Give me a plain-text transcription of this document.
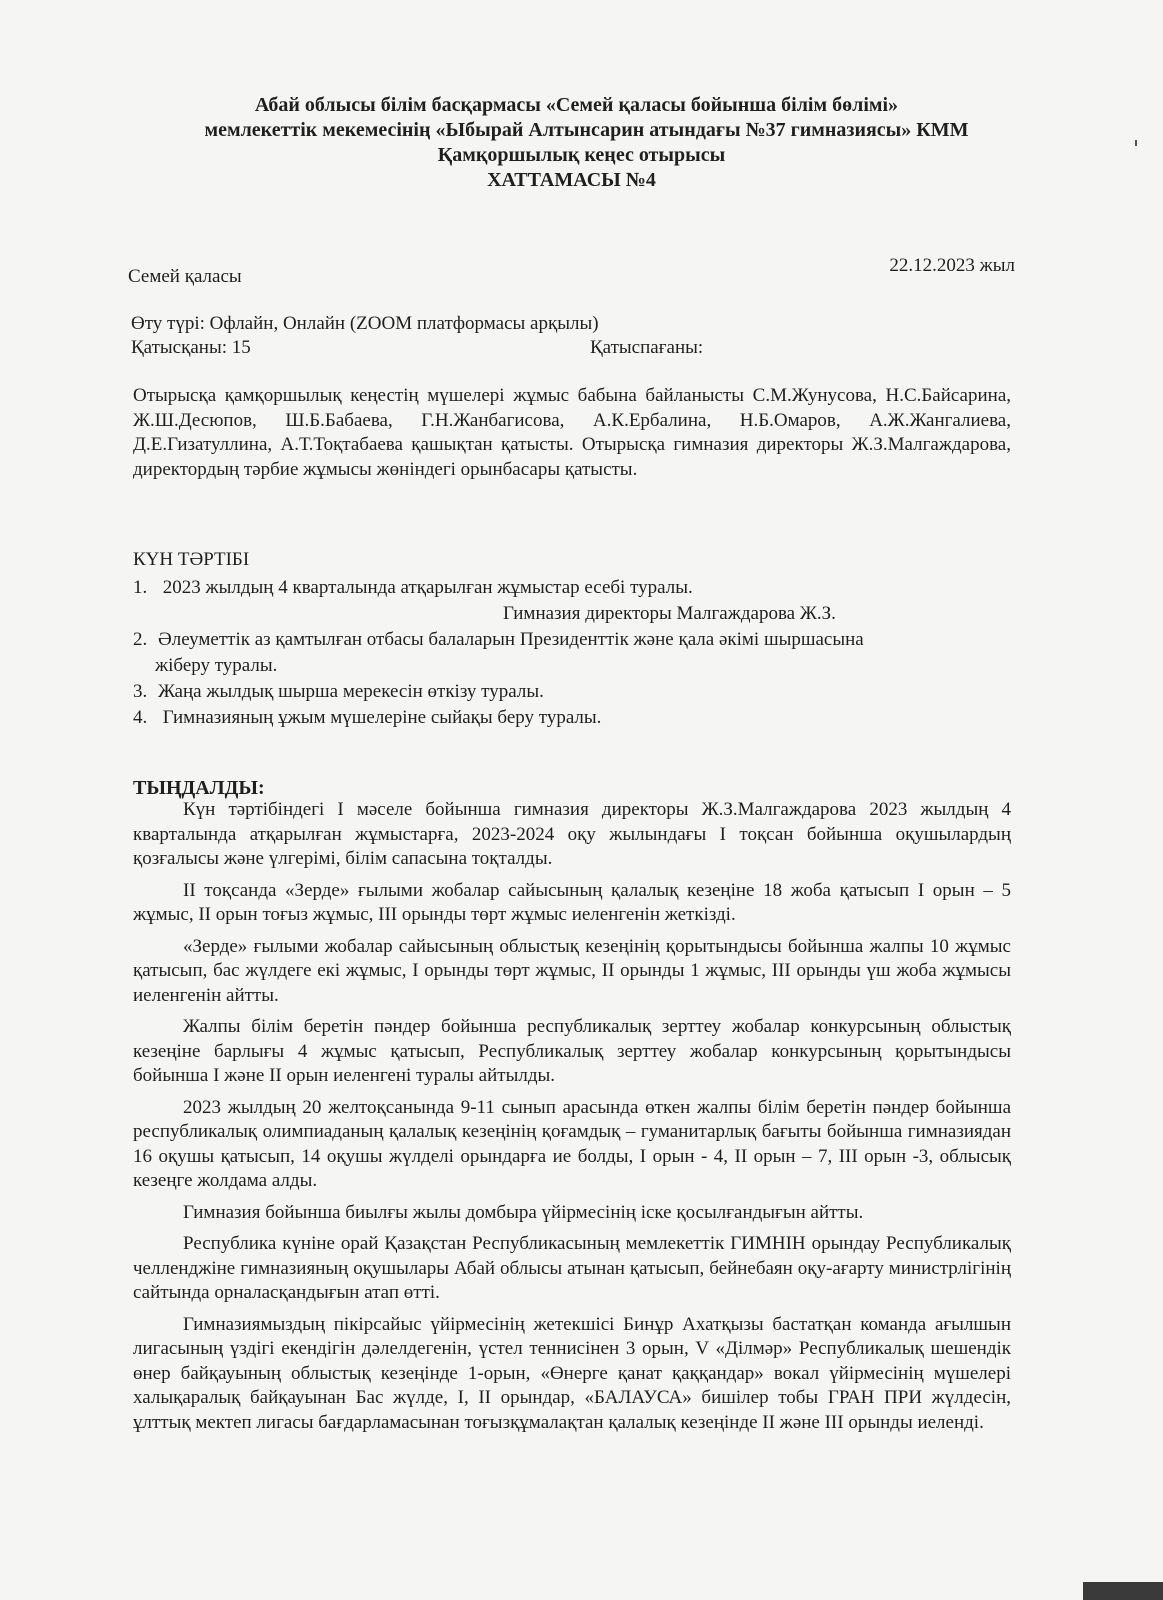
Абай облысы білім басқармасы «Семей қаласы бойынша білім бөлімі»
мемлекеттік мекемесінің «Ыбырай Алтынсарин атындағы №37 гимназиясы» КММ
Қамқоршылық кеңес отырысы
ХАТТАМАСЫ №4
Семей қаласы
22.12.2023 жыл
Өту түрі: Офлайн, Онлайн (ZOOM платформасы арқылы)
Қатысқаны: 15	Қатыспағаны:
Отырысқа қамқоршылық кеңестің мүшелері жұмыс бабына байланысты С.М.Жунусова, Н.С.Байсарина, Ж.Ш.Десюпов, Ш.Б.Бабаева, Г.Н.Жанбагисова, А.К.Ербалина, Н.Б.Омаров, А.Ж.Жангалиева, Д.Е.Гизатуллина, А.Т.Тоқтабаева қашықтан қатысты. Отырысқа гимназия директоры Ж.З.Малгаждарова, директордың тәрбие жұмысы жөніндегі орынбасары қатысты.
КҮН ТӘРТІБІ
1. 2023 жылдың 4 кварталында атқарылған жұмыстар есебі туралы.
Гимназия директоры Малгаждарова Ж.З.
2. Әлеуметтік аз қамтылған отбасы балаларын Президенттік және қала әкімі шыршасына
жіберу туралы.
3. Жаңа жылдық шырша мерекесін өткізу туралы.
4. Гимназияның ұжым мүшелеріне сыйақы беру туралы.
ТЫҢДАЛДЫ:

Күн тәртібіндегі І мәселе бойынша гимназия директоры Ж.З.Малгаждарова 2023 жылдың 4 кварталында атқарылған жұмыстарға, 2023-2024 оқу жылындағы І тоқсан бойынша оқушылардың қозғалысы және үлгерімі, білім сапасына тоқталды.

ІІ тоқсанда «Зерде» ғылыми жобалар сайысының қалалық кезеңіне 18 жоба қатысып І орын – 5 жұмыс, ІІ орын тоғыз жұмыс, ІІІ орынды төрт жұмыс иеленгенін жеткізді.

«Зерде» ғылыми жобалар сайысының облыстық кезеңінің қорытындысы бойынша жалпы 10 жұмыс қатысып, бас жүлдеге екі жұмыс, І орынды төрт жұмыс, ІІ орынды 1 жұмыс, ІІІ орынды үш жоба жұмысы иеленгенін айтты.

Жалпы білім беретін пәндер бойынша республикалық зерттеу жобалар конкурсының облыстық кезеңіне барлығы 4 жұмыс қатысып, Республикалық зерттеу жобалар конкурсының қорытындысы бойынша І және ІІ орын иеленгені туралы айтылды.

2023 жылдың 20 желтоқсанында 9-11 сынып арасында өткен жалпы білім беретін пәндер бойынша республикалық олимпиаданың қалалық кезеңінің қоғамдық – гуманитарлық бағыты бойынша гимназиядан 16 оқушы қатысып, 14 оқушы жүлделі орындарға ие болды, І орын - 4, ІІ орын – 7, ІІІ орын -3, облысық кезеңге жолдама алды.

Гимназия бойынша биылғы жылы домбыра үйірмесінің іске қосылғандығын айтты.

Республика күніне орай Қазақстан Республикасының мемлекеттік ГИМНІН орындау Республикалық челленджіне гимназияның оқушылары Абай облысы атынан қатысып, бейнебаян оқу-ағарту министрлігінің сайтында орналасқандығын атап өтті.

Гимназиямыздың пікірсайыс үйірмесінің жетекшісі Бинұр Ахатқызы бастатқан команда ағылшын лигасының үздігі екендігін дәлелдегенін, үстел теннисінен 3 орын, V «Ділмәр» Республикалық шешендік өнер байқауының облыстық кезеңінде 1-орын, «Өнерге қанат қаққандар» вокал үйірмесінің мүшелері халықаралық байқауынан Бас жүлде, І, ІІ орындар, «БАЛАУСА» бишілер тобы ГРАН ПРИ жүлдесін, ұлттық мектеп лигасы бағдарламасынан тоғызқұмалақтан қалалық кезеңінде ІІ және ІІІ орынды иеленді.
